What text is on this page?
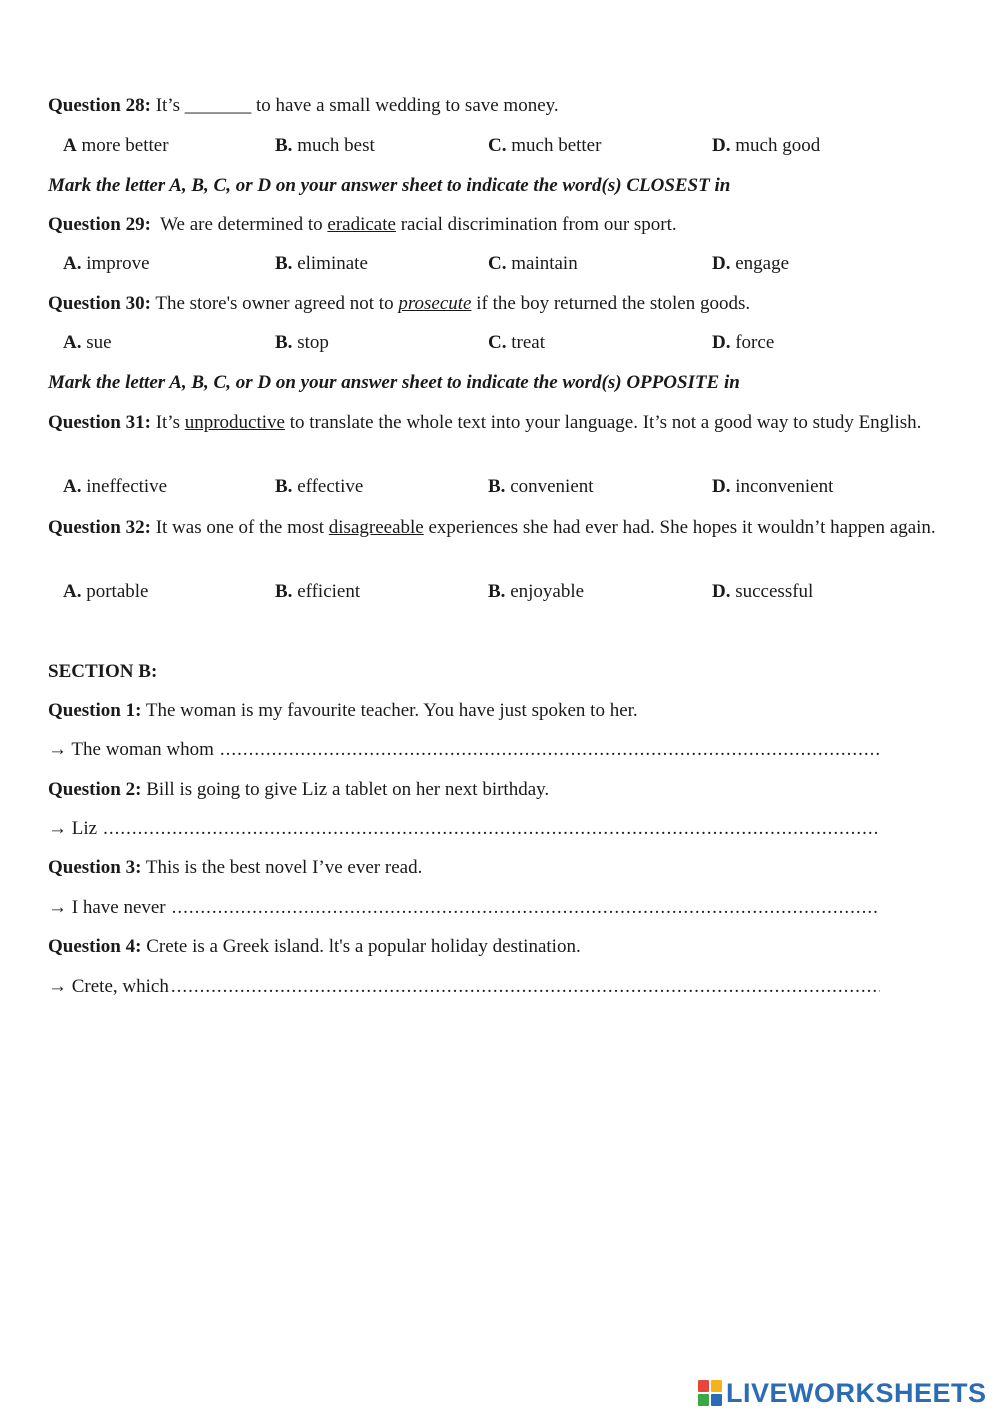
Question 28: It’s _______ to have a small wedding to save money.
A more better	B. much best	C. much better	D. much good
Mark the letter A, B, C, or D on your answer sheet to indicate the word(s) CLOSEST in
Question 29: We are determined to eradicate racial discrimination from our sport.
A. improve	B. eliminate	C. maintain	D. engage
Question 30: The store's owner agreed not to prosecute if the boy returned the stolen goods.
A. sue	B. stop	C. treat	D. force
Mark the letter A, B, C, or D on your answer sheet to indicate the word(s) OPPOSITE in
Question 31: It’s unproductive to translate the whole text into your language. It’s not a good way to study English.
A. ineffective	B. effective	B. convenient	D. inconvenient
Question 32: It was one of the most disagreeable experiences she had ever had. She hopes it wouldn’t happen again.
A. portable	B. efficient	B. enjoyable	D. successful
SECTION B:
Question 1: The woman is my favourite teacher. You have just spoken to her.
→ The woman whom
.....
Question 2: Bill is going to give Liz a tablet on her next birthday.
→ Liz
.....
Question 3: This is the best novel I’ve ever read.
→ I have never
.....
Question 4: Crete is a Greek island. lt's a popular holiday destination.
→ Crete, which
.....
LIVEWORKSHEETS
